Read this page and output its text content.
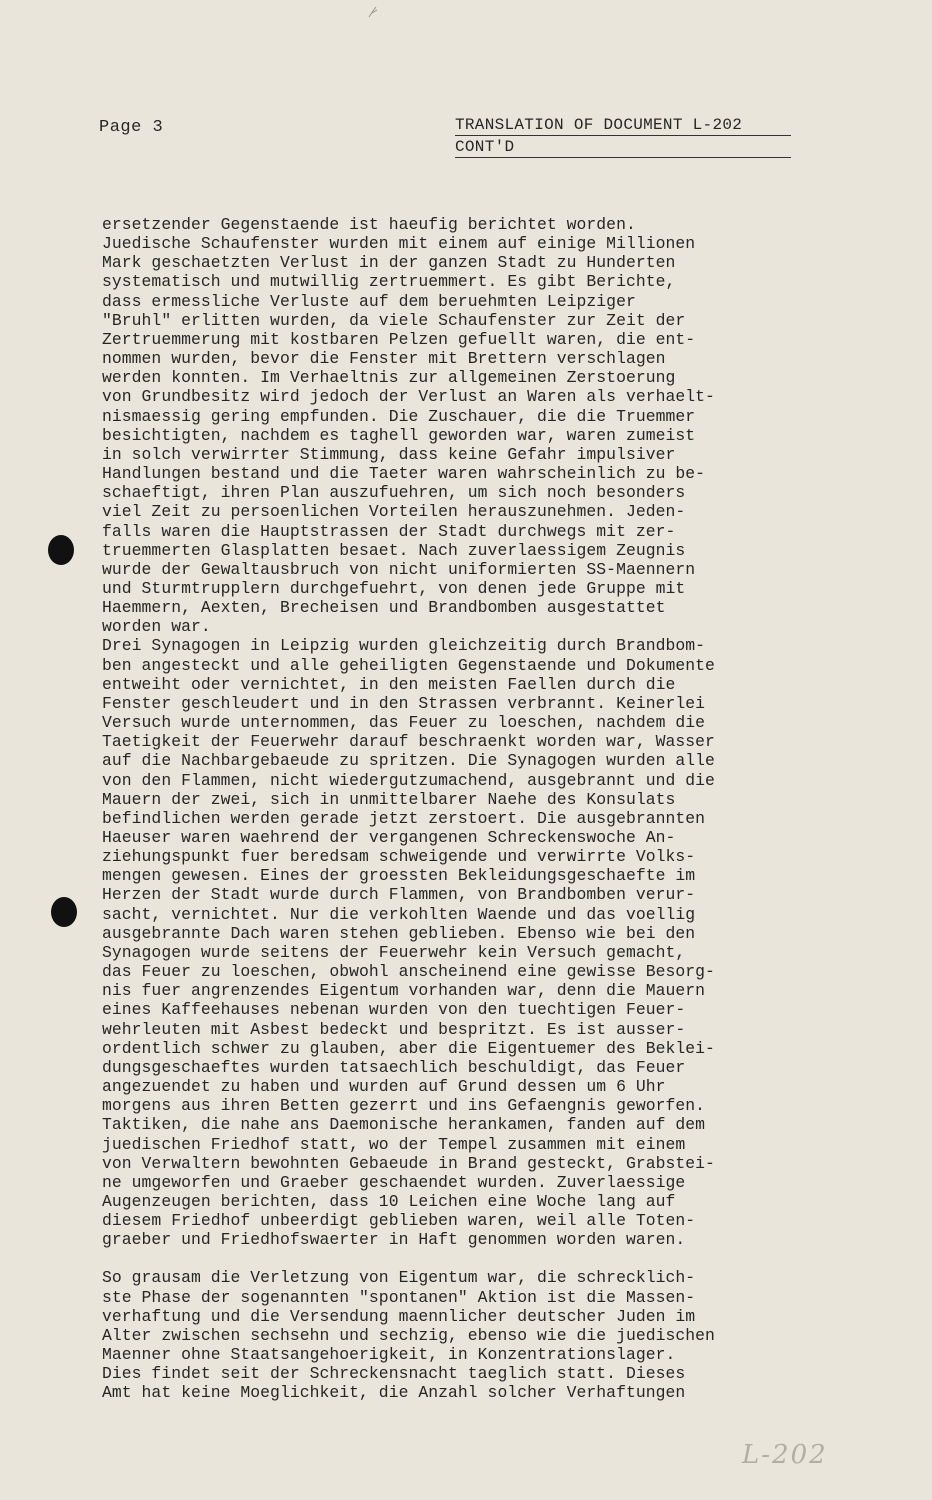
Page 3	TRANSLATION OF DOCUMENT L-202
CONT'D
ersetzender Gegenstaende ist haeufig berichtet worden.
Juedische Schaufenster wurden mit einem auf einige Millionen
Mark geschaetzten Verlust in der ganzen Stadt zu Hunderten
systematisch und mutwillig zertruemmert. Es gibt Berichte,
dass ermessliche Verluste auf dem beruehmten Leipziger
"Bruhl" erlitten wurden, da viele Schaufenster zur Zeit der
Zertruemmerung mit kostbaren Pelzen gefuellt waren, die ent-
nommen wurden, bevor die Fenster mit Brettern verschlagen
werden konnten. Im Verhaeltnis zur allgemeinen Zerstoerung
von Grundbesitz wird jedoch der Verlust an Waren als verhaelt-
nismaessig gering empfunden. Die Zuschauer, die die Truemmer
besichtigten, nachdem es taghell geworden war, waren zumeist
in solch verwirrter Stimmung, dass keine Gefahr impulsiver
Handlungen bestand und die Taeter waren wahrscheinlich zu be-
schaeftigt, ihren Plan auszufuehren, um sich noch besonders
viel Zeit zu persoenlichen Vorteilen herauszunehmen. Jeden-
falls waren die Hauptstrassen der Stadt durchwegs mit zer-
truemmerten Glasplatten besaet. Nach zuverlaessigem Zeugnis
wurde der Gewaltausbruch von nicht uniformierten SS-Maennern
und Sturmtrupplern durchgefuehrt, von denen jede Gruppe mit
Haemmern, Aexten, Brecheisen und Brandbomben ausgestattet
worden war.
Drei Synagogen in Leipzig wurden gleichzeitig durch Brandbom-
ben angesteckt und alle geheiligten Gegenstaende und Dokumente
entweiht oder vernichtet, in den meisten Faellen durch die
Fenster geschleudert und in den Strassen verbrannt. Keinerlei
Versuch wurde unternommen, das Feuer zu loeschen, nachdem die
Taetigkeit der Feuerwehr darauf beschraenkt worden war, Wasser
auf die Nachbargebaeude zu spritzen. Die Synagogen wurden alle
von den Flammen, nicht wiedergutzumachend, ausgebrannt und die
Mauern der zwei, sich in unmittelbarer Naehe des Konsulats
befindlichen werden gerade jetzt zerstoert. Die ausgebrannten
Haeuser waren waehrend der vergangenen Schreckenswoche An-
ziehungspunkt fuer beredsam schweigende und verwirrte Volks-
mengen gewesen. Eines der groessten Bekleidungsgeschaefte im
Herzen der Stadt wurde durch Flammen, von Brandbomben verur-
sacht, vernichtet. Nur die verkohlten Waende und das voellig
ausgebrannte Dach waren stehen geblieben. Ebenso wie bei den
Synagogen wurde seitens der Feuerwehr kein Versuch gemacht,
das Feuer zu loeschen, obwohl anscheinend eine gewisse Besorg-
nis fuer angrenzendes Eigentum vorhanden war, denn die Mauern
eines Kaffeehauses nebenan wurden von den tuechtigen Feuer-
wehrleuten mit Asbest bedeckt und bespritzt. Es ist ausser-
ordentlich schwer zu glauben, aber die Eigentuemer des Beklei-
dungsgeschaeftes wurden tatsaechlich beschuldigt, das Feuer
angezuendet zu haben und wurden auf Grund dessen um 6 Uhr
morgens aus ihren Betten gezerrt und ins Gefaengnis geworfen.
Taktiken, die nahe ans Daemonische herankamen, fanden auf dem
juedischen Friedhof statt, wo der Tempel zusammen mit einem
von Verwaltern bewohnten Gebaeude in Brand gesteckt, Grabstei-
ne umgeworfen und Graeber geschaendet wurden. Zuverlaessige
Augenzeugen berichten, dass 10 Leichen eine Woche lang auf
diesem Friedhof unbeerdigt geblieben waren, weil alle Toten-
graeber und Friedhofswaerter in Haft genommen worden waren.
So grausam die Verletzung von Eigentum war, die schrecklich-
ste Phase der sogenannten "spontanen" Aktion ist die Massen-
verhaftung und die Versendung maennlicher deutscher Juden im
Alter zwischen sechsehn und sechzig, ebenso wie die juedischen
Maenner ohne Staatsangehoerigkeit, in Konzentrationslager.
Dies findet seit der Schreckensnacht taeglich statt. Dieses
Amt hat keine Moeglichkeit, die Anzahl solcher Verhaftungen
L-202
